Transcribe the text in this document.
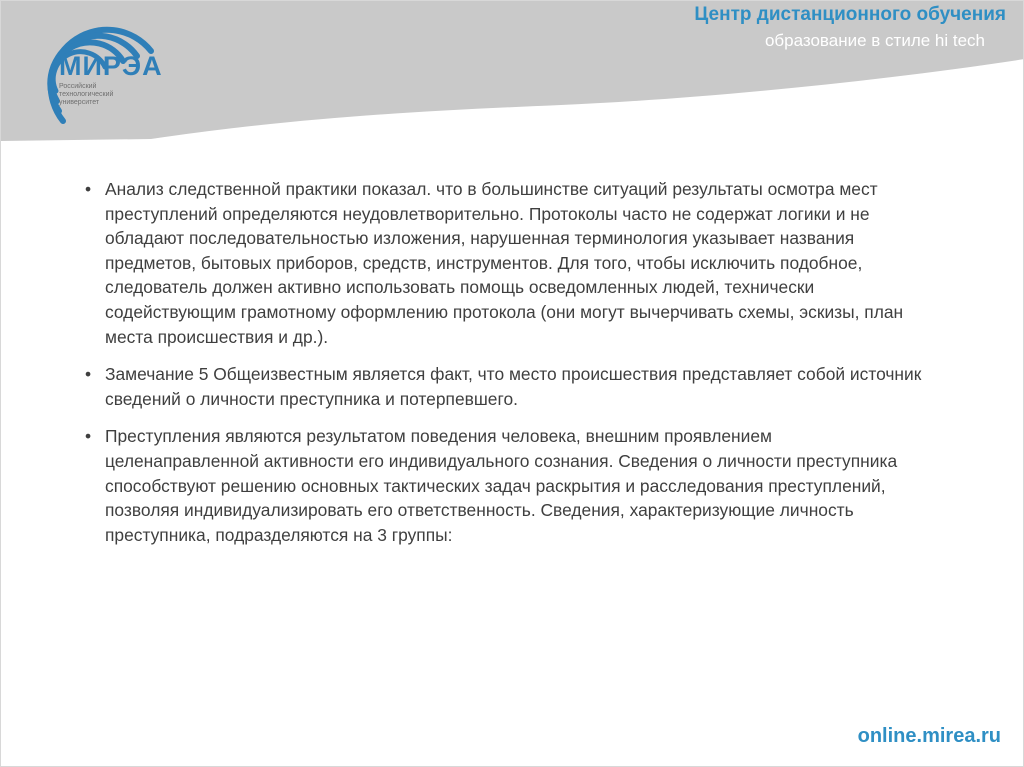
МИРЭА
Российский
технологический
университет
Центр дистанционного обучения
образование в стиле hi tech
• Анализ следственной практики показал. что в большинстве ситуаций результаты осмотра мест преступлений определяются неудовлетворительно. Протоколы часто не содержат логики и не обладают последовательностью изложения, нарушенная терминология указывает названия предметов, бытовых приборов, средств, инструментов. Для того, чтобы исключить подобное, следователь должен активно использовать помощь осведомленных людей, технически содействующим грамотному оформлению протокола (они могут вычерчивать схемы, эскизы, план места происшествия и др.).
• Замечание 5 Общеизвестным является факт, что место происшествия представляет собой источник сведений о личности преступника и потерпевшего.
• Преступления являются результатом поведения человека, внешним проявлением целенаправленной активности его индивидуального сознания. Сведения о личности преступника способствуют решению основных тактических задач раскрытия и расследования преступлений, позволяя индивидуализировать его ответственность. Сведения, характеризующие личность преступника, подразделяются на 3 группы:
online.mirea.ru
